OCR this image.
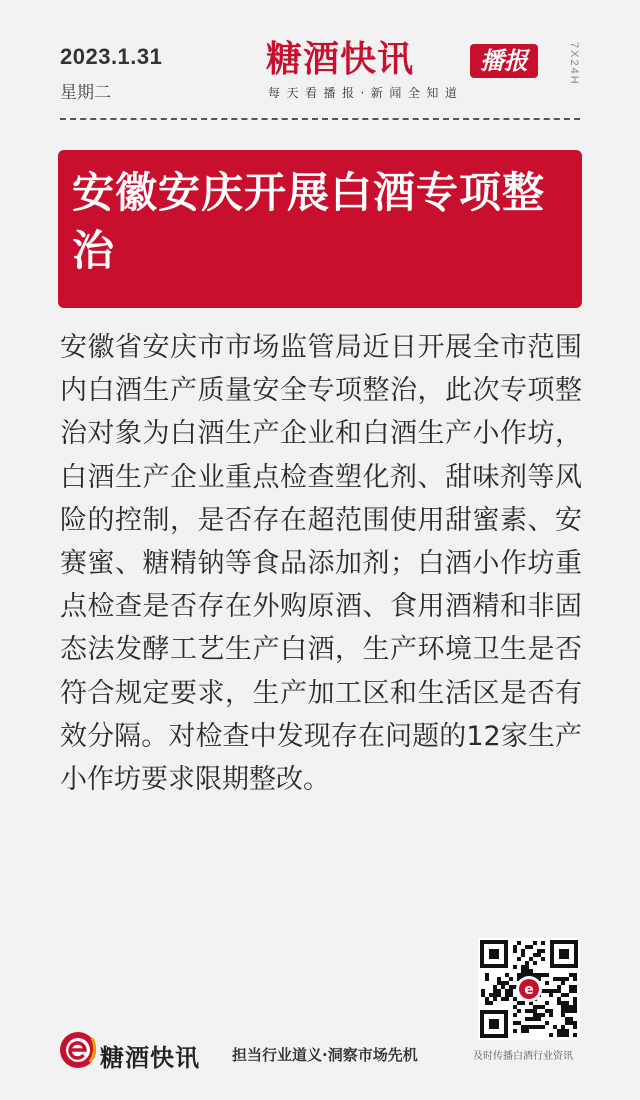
2023.1.31
星期二
糖酒快讯	播报
每天看播报·新闻全知道
7X24H
安徽安庆开展白酒专项整治

安徽省安庆市市场监管局近日开展全市范围内白酒生产质量安全专项整治，此次专项整治对象为白酒生产企业和白酒生产小作坊，白酒生产企业重点检查塑化剂、甜味剂等风险的控制，是否存在超范围使用甜蜜素、安赛蜜、糖精钠等食品添加剂；白酒小作坊重点检查是否存在外购原酒、食用酒精和非固态法发酵工艺生产白酒，生产环境卫生是否符合规定要求，生产加工区和生活区是否有效分隔。对检查中发现存在问题的12家生产小作坊要求限期整改。

e
糖酒快讯 担当行业道义·洞察市场先机	及时传播白酒行业资讯
